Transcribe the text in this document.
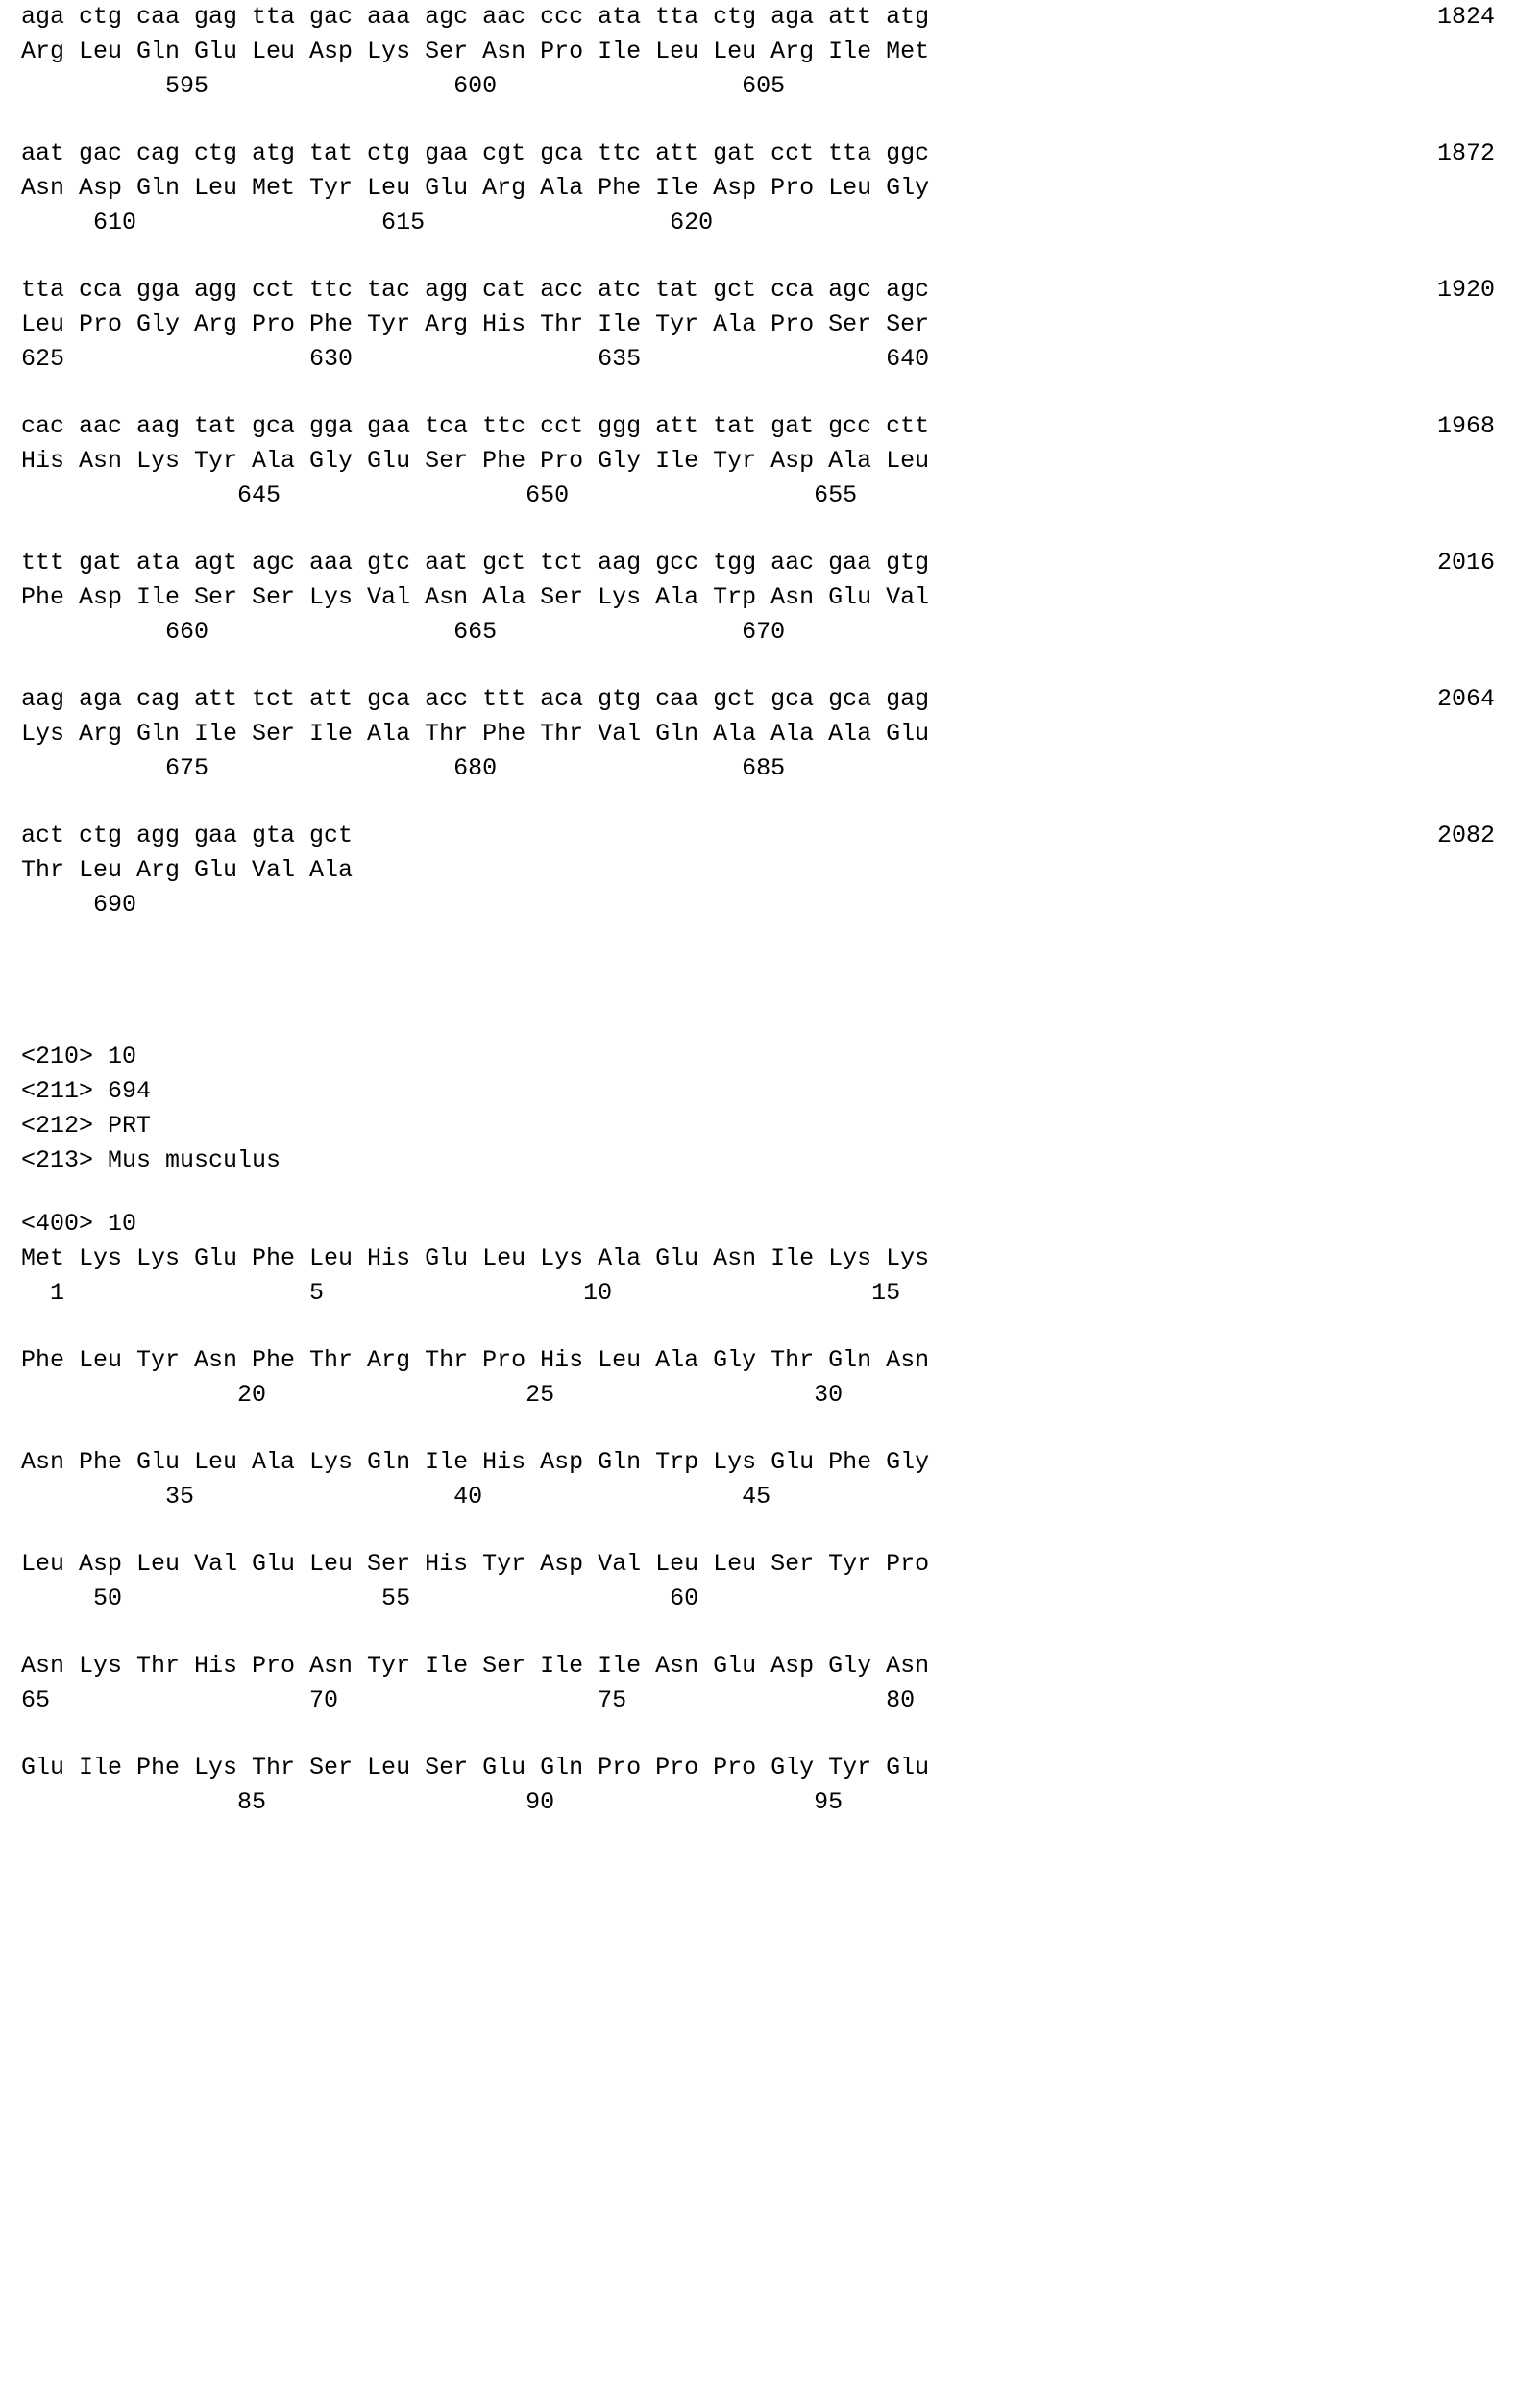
aga ctg caa gag tta gac aaa agc aac ccc ata tta ctg aga att atg
Arg Leu Gln Glu Leu Asp Lys Ser Asn Pro Ile Leu Leu Arg Ile Met
595                 600                 605
1824
aat gac cag ctg atg tat ctg gaa cgt gca ttc att gat cct tta ggc
Asn Asp Gln Leu Met Tyr Leu Glu Arg Ala Phe Ile Asp Pro Leu Gly
610                 615                 620
1872
tta cca gga agg cct ttc tac agg cat acc atc tat gct cca agc agc
Leu Pro Gly Arg Pro Phe Tyr Arg His Thr Ile Tyr Ala Pro Ser Ser
625                 630                 635                 640
1920
cac aac aag tat gca gga gaa tca ttc cct ggg att tat gat gcc ctt
His Asn Lys Tyr Ala Gly Glu Ser Phe Pro Gly Ile Tyr Asp Ala Leu
645                 650                 655
1968
ttt gat ata agt agc aaa gtc aat gct tct aag gcc tgg aac gaa gtg
Phe Asp Ile Ser Ser Lys Val Asn Ala Ser Lys Ala Trp Asn Glu Val
660                 665                 670
2016
aag aga cag att tct att gca acc ttt aca gtg caa gct gca gca gag
Lys Arg Gln Ile Ser Ile Ala Thr Phe Thr Val Gln Ala Ala Ala Glu
675                 680                 685
2064
act ctg agg gaa gta gct
Thr Leu Arg Glu Val Ala
690
2082
<210> 10
<211> 694
<212> PRT
<213> Mus musculus
<400> 10
Met Lys Lys Glu Phe Leu His Glu Leu Lys Ala Glu Asn Ile Lys Lys
1                 5                  10                  15
Phe Leu Tyr Asn Phe Thr Arg Thr Pro His Leu Ala Gly Thr Gln Asn
20                  25                  30
Asn Phe Glu Leu Ala Lys Gln Ile His Asp Gln Trp Lys Glu Phe Gly
35                  40                  45
Leu Asp Leu Val Glu Leu Ser His Tyr Asp Val Leu Leu Ser Tyr Pro
50                  55                  60
Asn Lys Thr His Pro Asn Tyr Ile Ser Ile Ile Asn Glu Asp Gly Asn
65                  70                  75                  80
Glu Ile Phe Lys Thr Ser Leu Ser Glu Gln Pro Pro Pro Gly Tyr Glu
85                  90                  95
